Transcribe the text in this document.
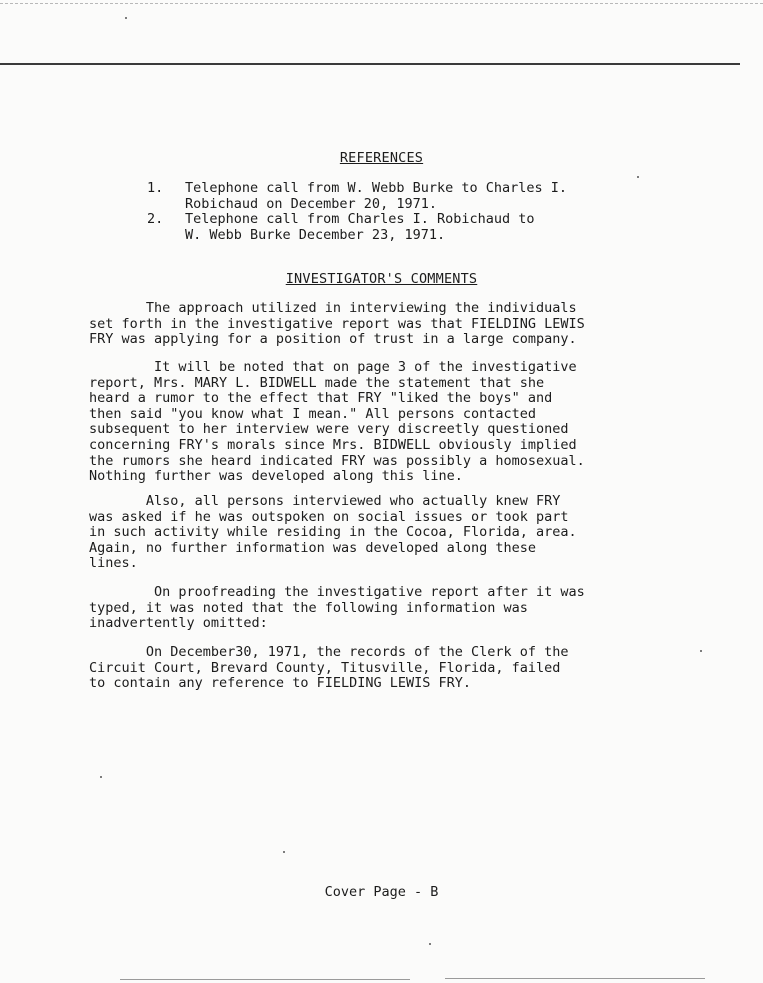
REFERENCES
1. Telephone call from W. Webb Burke to Charles I.
Robichaud on December 20, 1971.
2. Telephone call from Charles I. Robichaud to
W. Webb Burke December 23, 1971.
INVESTIGATOR'S COMMENTS
The approach utilized in interviewing the individuals
set forth in the investigative report was that FIELDING LEWIS
FRY was applying for a position of trust in a large company.
It will be noted that on page 3 of the investigative
report, Mrs. MARY L. BIDWELL made the statement that she
heard a rumor to the effect that FRY "liked the boys" and
then said "you know what I mean." All persons contacted
subsequent to her interview were very discreetly questioned
concerning FRY's morals since Mrs. BIDWELL obviously implied
the rumors she heard indicated FRY was possibly a homosexual.
Nothing further was developed along this line.
Also, all persons interviewed who actually knew FRY
was asked if he was outspoken on social issues or took part
in such activity while residing in the Cocoa, Florida, area.
Again, no further information was developed along these
lines.
On proofreading the investigative report after it was
typed, it was noted that the following information was
inadvertently omitted:
On December30, 1971, the records of the Clerk of the
Circuit Court, Brevard County, Titusville, Florida, failed
to contain any reference to FIELDING LEWIS FRY.
Cover Page - B
